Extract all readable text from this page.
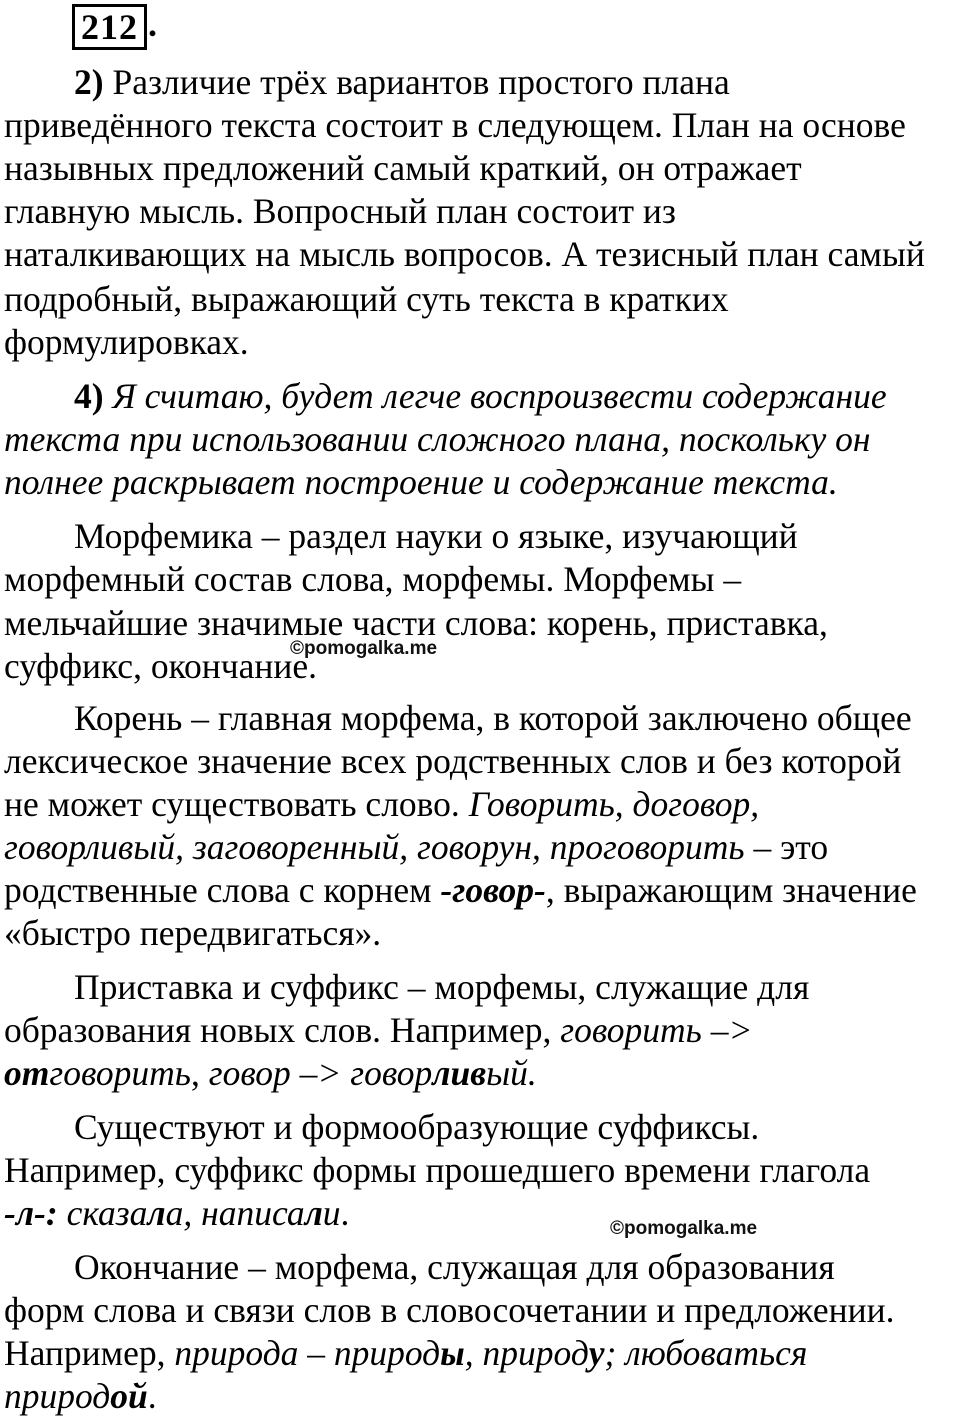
212 .
2) Различие трёх вариантов простого плана
приведённого текста состоит в следующем. План на основе
назывных предложений самый краткий, он отражает
главную мысль. Вопросный план состоит из
наталкивающих на мысль вопросов. А тезисный план самый
подробный, выражающий суть текста в кратких
формулировках.
4) Я считаю, будет легче воспроизвести содержание
текста при использовании сложного плана, поскольку он
полнее раскрывает построение и содержание текста.
Морфемика – раздел науки о языке, изучающий
морфемный состав слова, морфемы. Морфемы –
мельчайшие значимые части слова: корень, приставка,
суффикс, окончание.
©pomogalka.me
Корень – главная морфема, в которой заключено общее
лексическое значение всех родственных слов и без которой
не может существовать слово. Говорить, договор,
говорливый, заговоренный, говорун, проговорить – это
родственные слова с корнем -говор-, выражающим значение
«быстро передвигаться».
Приставка и суффикс – морфемы, служащие для
образования новых слов. Например, говорить –>
отговорить, говор –> говорливый.
Существуют и формообразующие суффиксы.
Например, суффикс формы прошедшего времени глагола
-л-: сказала, написали.	©pomogalka.me
Окончание – морфема, служащая для образования
форм слова и связи слов в словосочетании и предложении.
Например, природа – природы, природу; любоваться
природой.
